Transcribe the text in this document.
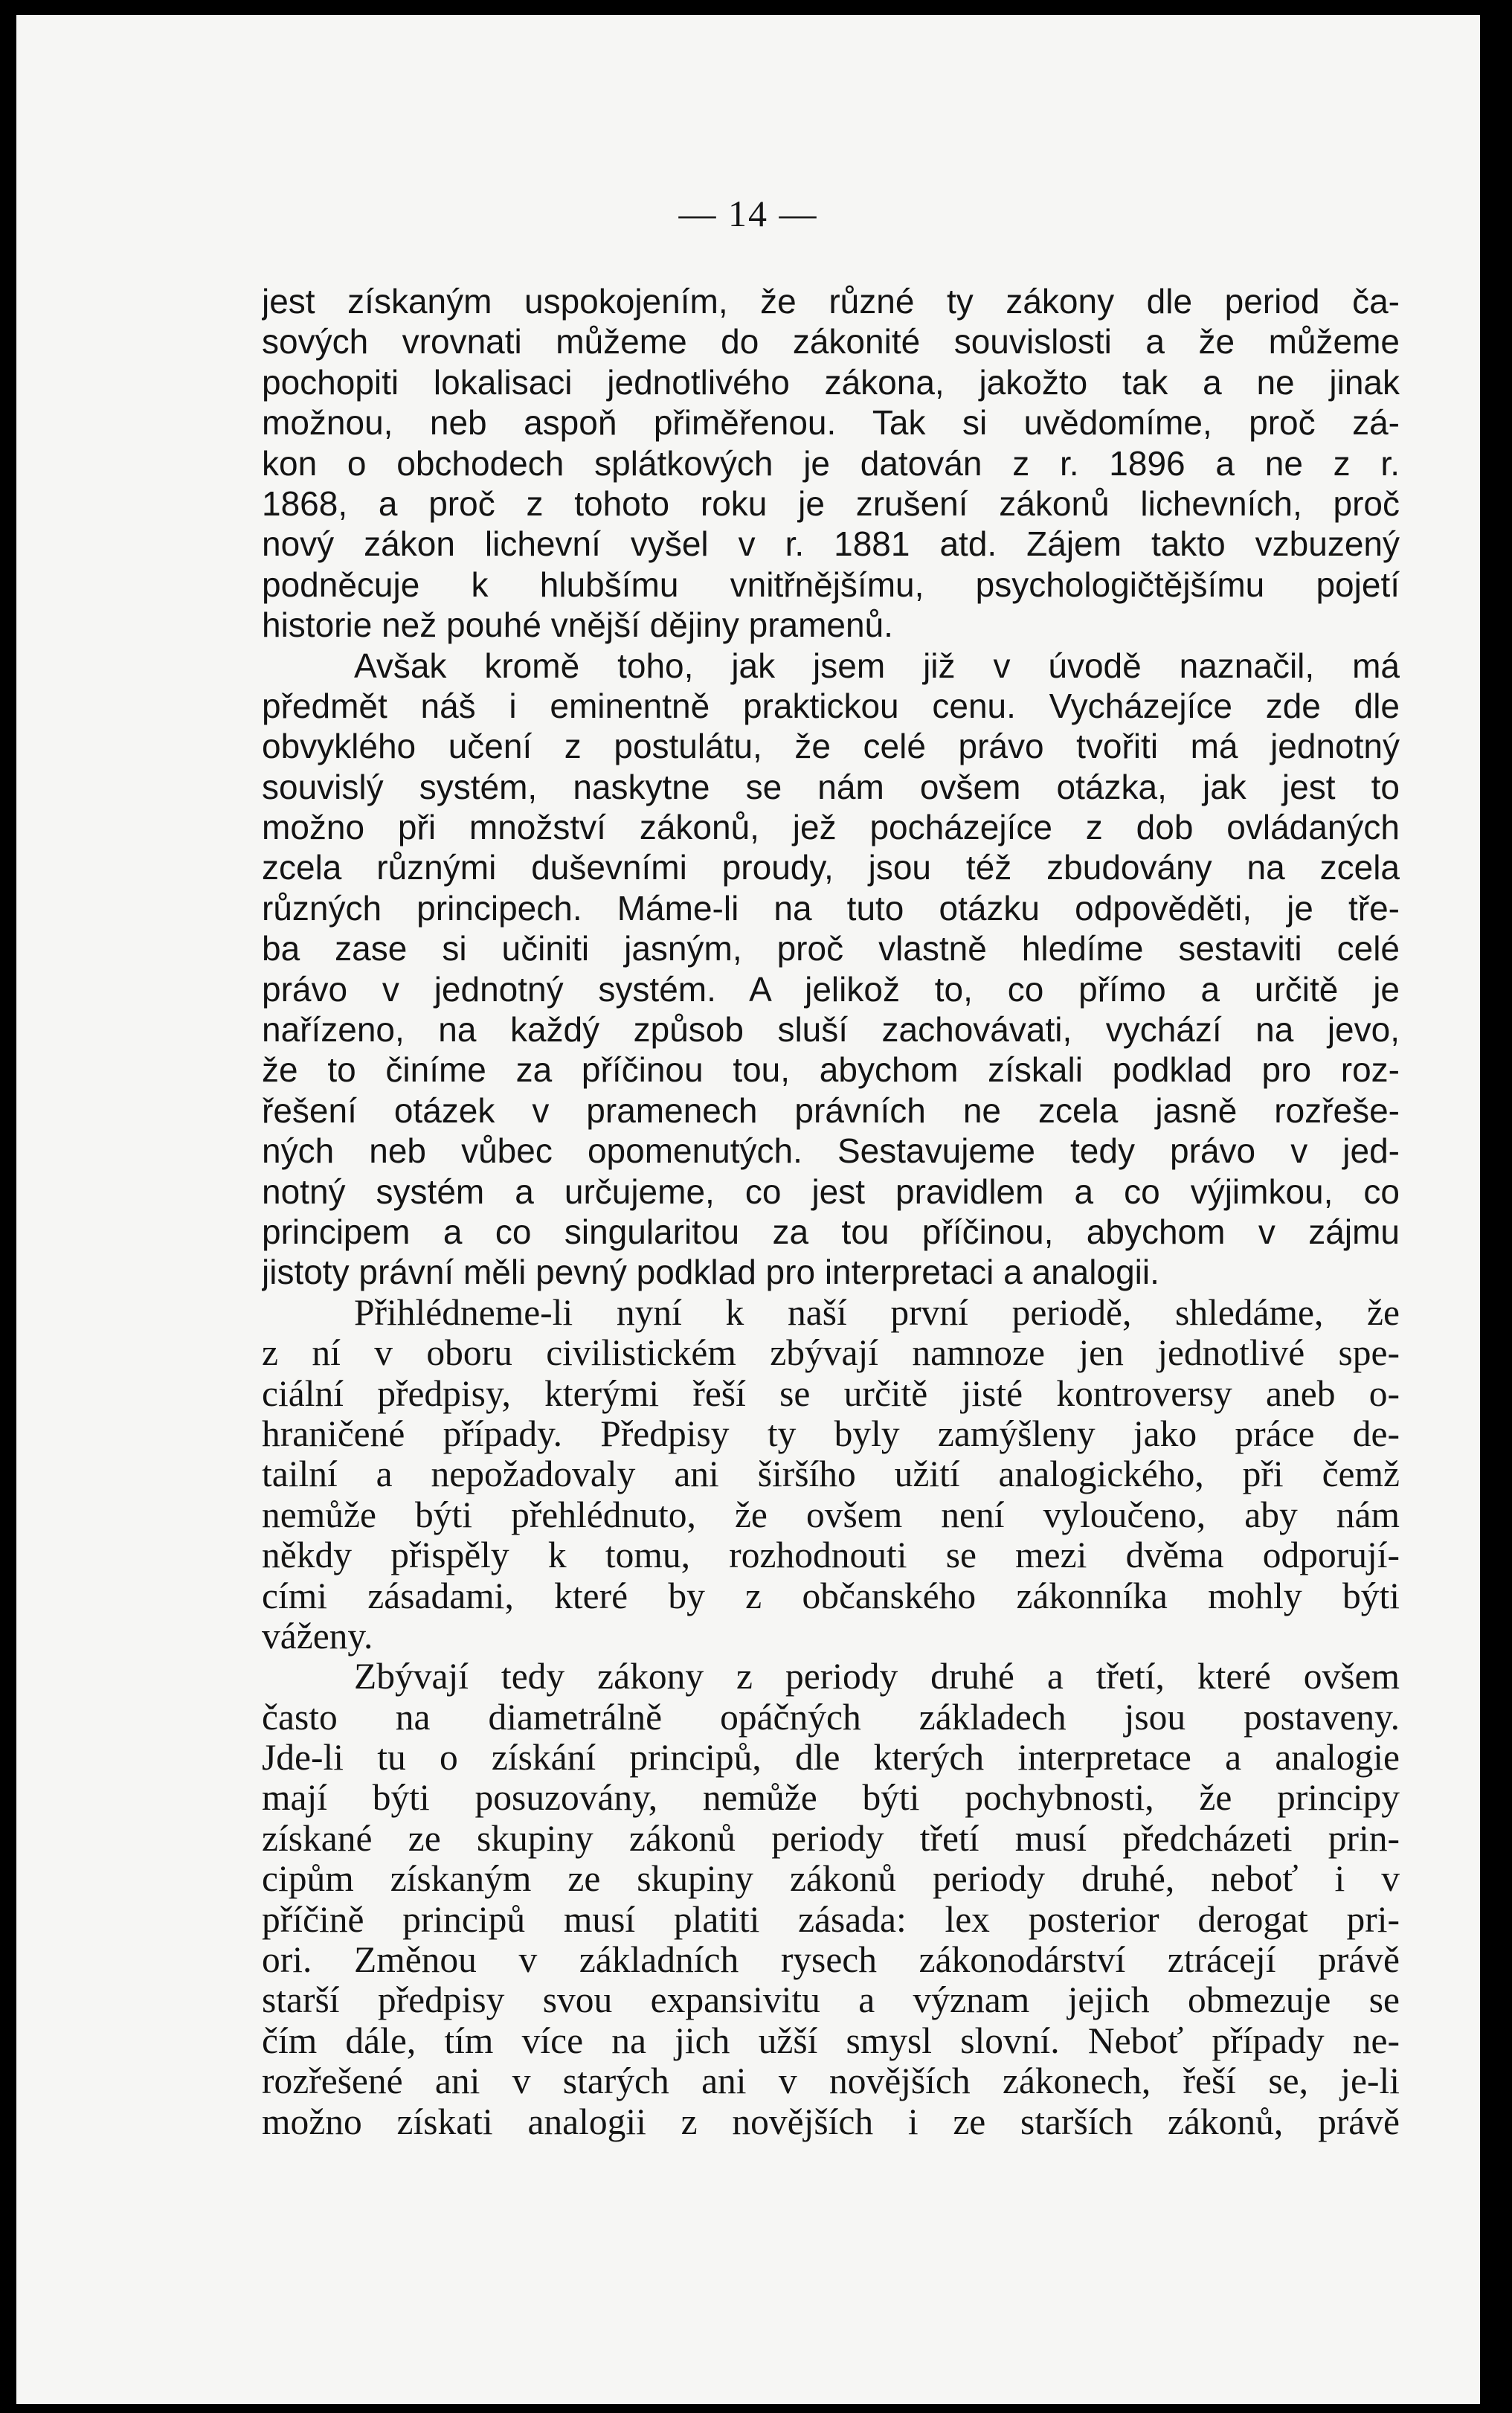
— 14 —
jest získaným uspokojením, že různé ty zákony dle period ča-
sových vrovnati můžeme do zákonité souvislosti a že můžeme
pochopiti lokalisaci jednotlivého zákona, jakožto tak a ne jinak
možnou, neb aspoň přiměřenou. Tak si uvědomíme, proč zá-
kon o obchodech splátkových je datován z r. 1896 a ne z r.
1868, a proč z tohoto roku je zrušení zákonů lichevních, proč
nový zákon lichevní vyšel v r. 1881 atd. Zájem takto vzbuzený
podněcuje k hlubšímu vnitřnějšímu, psychologičtějšímu pojetí
historie než pouhé vnější dějiny pramenů.
Avšak kromě toho, jak jsem již v úvodě naznačil, má
předmět náš i eminentně praktickou cenu. Vycházejíce zde dle
obvyklého učení z postulátu, že celé právo tvořiti má jednotný
souvislý systém, naskytne se nám ovšem otázka, jak jest to
možno při množství zákonů, jež pocházejíce z dob ovládaných
zcela různými duševními proudy, jsou též zbudovány na zcela
různých principech. Máme-li na tuto otázku odpověděti, je tře-
ba zase si učiniti jasným, proč vlastně hledíme sestaviti celé
právo v jednotný systém. A jelikož to, co přímo a určitě je
nařízeno, na každý způsob sluší zachovávati, vychází na jevo,
že to činíme za příčinou tou, abychom získali podklad pro roz-
řešení otázek v pramenech právních ne zcela jasně rozřeše-
ných neb vůbec opomenutých. Sestavujeme tedy právo v jed-
notný systém a určujeme, co jest pravidlem a co výjimkou, co
principem a co singularitou za tou příčinou, abychom v zájmu
jistoty právní měli pevný podklad pro interpretaci a analogii.
Přihlédneme-li nyní k naší první periodě, shledáme, že
z ní v oboru civilistickém zbývají namnoze jen jednotlivé spe-
ciální předpisy, kterými řeší se určitě jisté kontroversy aneb o-
hraničené případy. Předpisy ty byly zamýšleny jako práce de-
tailní a nepožadovaly ani širšího užití analogického, při čemž
nemůže býti přehlédnuto, že ovšem není vyloučeno, aby nám
někdy přispěly k tomu, rozhodnouti se mezi dvěma odporují-
cími zásadami, které by z občanského zákonníka mohly býti
váženy.
Zbývají tedy zákony z periody druhé a třetí, které ovšem
často na diametrálně opáčných základech jsou postaveny.
Jde-li tu o získání principů, dle kterých interpretace a analogie
mají býti posuzovány, nemůže býti pochybnosti, že principy
získané ze skupiny zákonů periody třetí musí předcházeti prin-
cipům získaným ze skupiny zákonů periody druhé, neboť i v
příčině principů musí platiti zásada: lex posterior derogat pri-
ori. Změnou v základních rysech zákonodárství ztrácejí právě
starší předpisy svou expansivitu a význam jejich obmezuje se
čím dále, tím více na jich užší smysl slovní. Neboť případy ne-
rozřešené ani v starých ani v novějších zákonech, řeší se, je-li
možno získati analogii z novějších i ze starších zákonů, právě
